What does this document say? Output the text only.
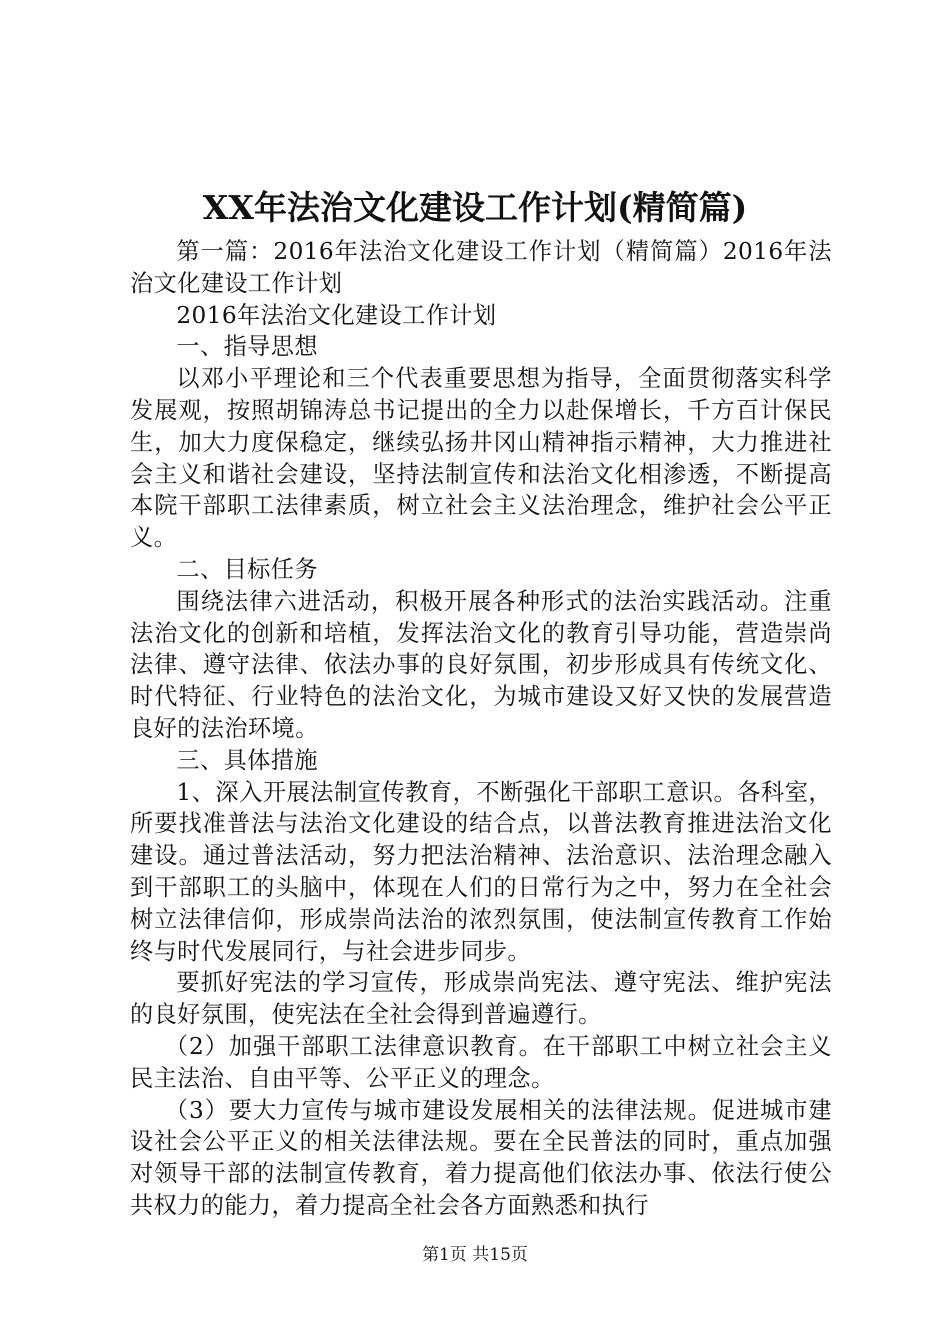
XX年法治文化建设工作计划(精简篇)

第一篇：2016年法治文化建设工作计划（精简篇）2016年法治文化建设工作计划

2016年法治文化建设工作计划

一、指导思想

以邓小平理论和三个代表重要思想为指导，全面贯彻落实科学发展观，按照胡锦涛总书记提出的全力以赴保增长，千方百计保民生，加大力度保稳定，继续弘扬井冈山精神指示精神，大力推进社会主义和谐社会建设，坚持法制宣传和法治文化相渗透，不断提高本院干部职工法律素质，树立社会主义法治理念，维护社会公平正义。

二、目标任务

围绕法律六进活动，积极开展各种形式的法治实践活动。注重法治文化的创新和培植，发挥法治文化的教育引导功能，营造崇尚法律、遵守法律、依法办事的良好氛围，初步形成具有传统文化、时代特征、行业特色的法治文化，为城市建设又好又快的发展营造良好的法治环境。

三、具体措施

1、深入开展法制宣传教育，不断强化干部职工意识。各科室，所要找准普法与法治文化建设的结合点，以普法教育推进法治文化建设。通过普法活动，努力把法治精神、法治意识、法治理念融入到干部职工的头脑中，体现在人们的日常行为之中，努力在全社会树立法律信仰，形成崇尚法治的浓烈氛围，使法制宣传教育工作始终与时代发展同行，与社会进步同步。

要抓好宪法的学习宣传，形成崇尚宪法、遵守宪法、维护宪法的良好氛围，使宪法在全社会得到普遍遵行。

（2）加强干部职工法律意识教育。在干部职工中树立社会主义民主法治、自由平等、公平正义的理念。

（3）要大力宣传与城市建设发展相关的法律法规。促进城市建设社会公平正义的相关法律法规。要在全民普法的同时，重点加强对领导干部的法制宣传教育，着力提高他们依法办事、依法行使公共权力的能力，着力提高全社会各方面熟悉和执行

第1页 共15页
